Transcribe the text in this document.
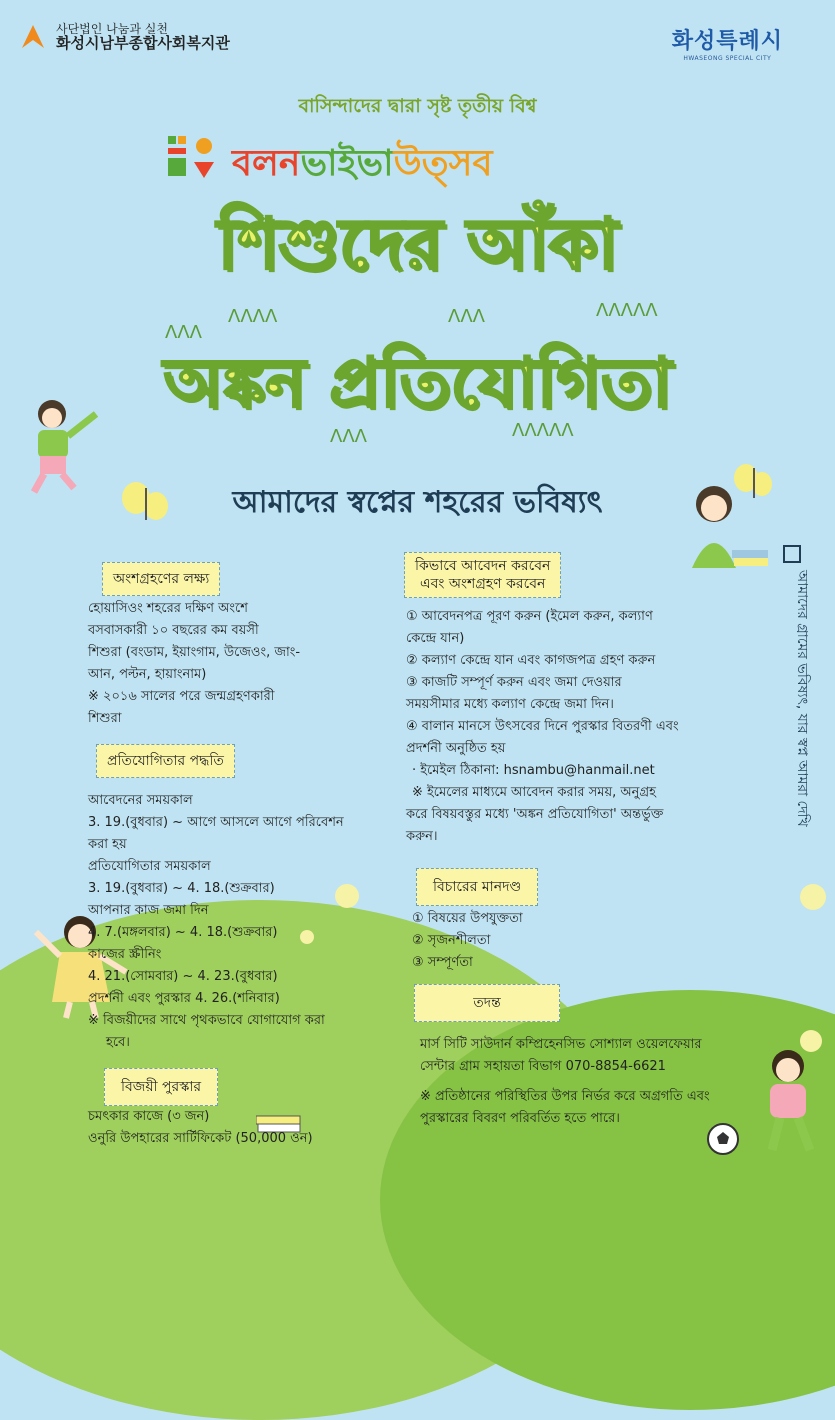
ɅɅɅ
ɅɅɅɅ	ɅɅɅ	ɅɅɅɅɅ
ɅɅɅ	ɅɅɅɅɅ
사단법인 나눔과 실천
화성시남부종합사회복지관	화성특례시
HWASEONG SPECIAL CITY
বাসিন্দাদের দ্বারা সৃষ্ট তৃতীয় বিশ্ব
বলনভাইভাউত্সব
শিশুদের আঁকা
অঙ্কন প্রতিযোগিতা
আমাদের স্বপ্নের শহরের ভবিষ্যৎ
আমাদের গ্রামের ভবিষ্যৎ, যার স্বপ্ন আমরা দেখি
অংশগ্রহণের লক্ষ্য
হোয়াসিওং শহরের দক্ষিণ অংশে
বসবাসকারী ১০ বছরের কম বয়সী
শিশুরা (বংডাম, ইয়াংগাম, উজেওং, জাং-
আন, পল্টন, হায়াংনাম)
※ ২০১৬ সালের পরে জন্মগ্রহণকারী
শিশুরা
প্রতিযোগিতার পদ্ধতি
আবেদনের সময়কাল
3. 19.(বুধবার) ~ আগে আসলে আগে পরিবেশন
করা হয়
প্রতিযোগিতার সময়কাল
3. 19.(বুধবার) ~ 4. 18.(শুক্রবার)
আপনার কাজ জমা দিন
4. 7.(মঙ্গলবার) ~ 4. 18.(শুক্রবার)
কাজের স্ক্রীনিং
4. 21.(সোমবার) ~ 4. 23.(বুধবার)
প্রদর্শনী এবং পুরস্কার 4. 26.(শনিবার)
※ বিজয়ীদের সাথে পৃথকভাবে যোগাযোগ করা
হবে।
বিজয়ী পুরস্কার
চমৎকার কাজে (৩ জন)
ওনুরি উপহারের সার্টিফিকেট (50,000 ওন)
কিভাবে আবেদন করবেন
এবং অংশগ্রহণ করবেন
① আবেদনপত্র পূরণ করুন (ইমেল করুন, কল্যাণ
কেন্দ্রে যান)
② কল্যাণ কেন্দ্রে যান এবং কাগজপত্র গ্রহণ করুন
③ কাজটি সম্পূর্ণ করুন এবং জমা দেওয়ার
সময়সীমার মধ্যে কল্যাণ কেন্দ্রে জমা দিন।
④ বালান মানসে উৎসবের দিনে পুরস্কার বিতরণী এবং
প্রদর্শনী অনুষ্ঠিত হয়
· ইমেইল ঠিকানা: hsnambu@hanmail.net
※ ইমেলের মাধ্যমে আবেদন করার সময়, অনুগ্রহ
করে বিষয়বস্তুর মধ্যে 'অঙ্কন প্রতিযোগিতা' অন্তর্ভুক্ত
করুন।
বিচারের মানদণ্ড
① বিষয়ের উপযুক্ততা
② সৃজনশীলতা
③ সম্পূর্ণতা
তদন্ত
মার্স সিটি সাউদার্ন কম্প্রিহেনসিভ সোশ্যাল ওয়েলফেয়ার
সেন্টার গ্রাম সহায়তা বিভাগ 070-8854-6621
※ প্রতিষ্ঠানের পরিস্থিতির উপর নির্ভর করে অগ্রগতি এবং
পুরস্কারের বিবরণ পরিবর্তিত হতে পারে।
